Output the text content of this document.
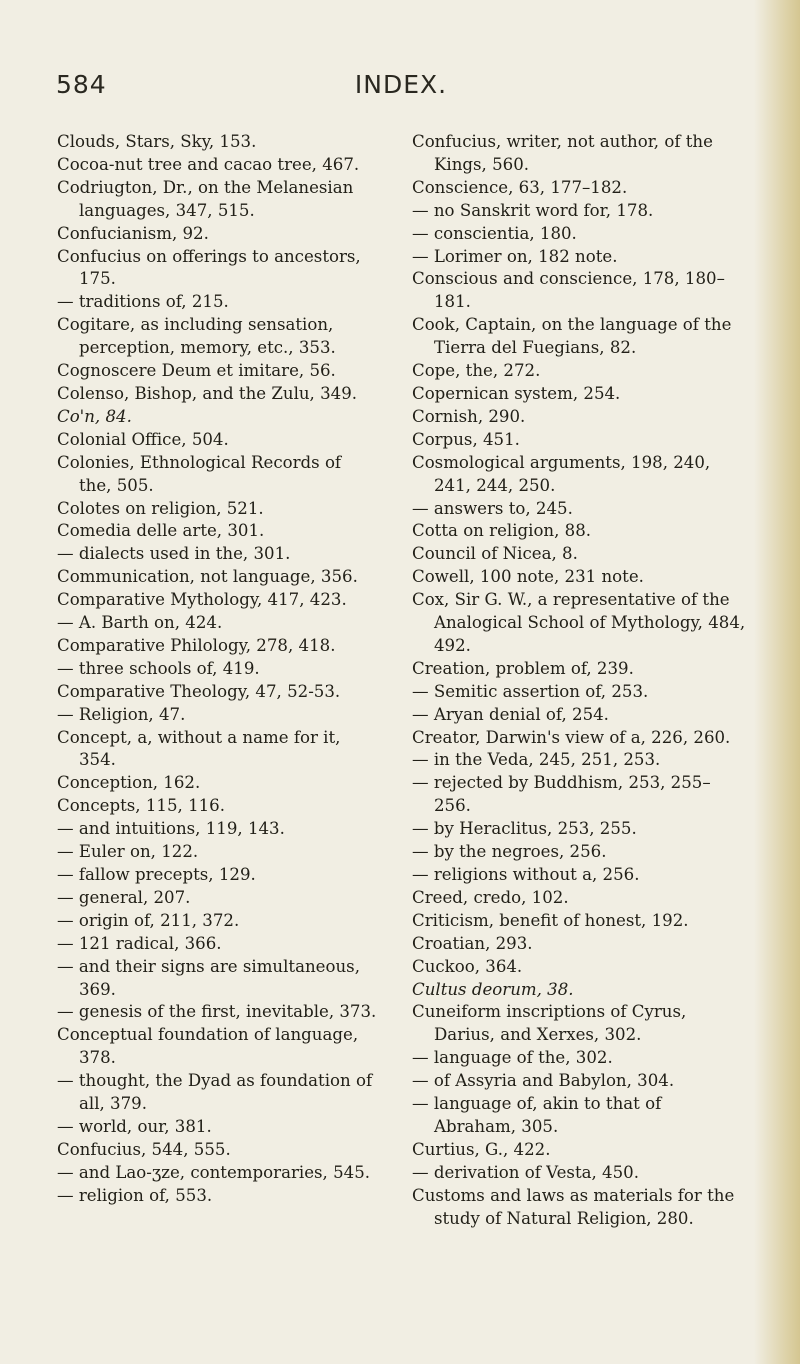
584	INDEX.
Clouds, Stars, Sky, 153.
Cocoa-nut tree and cacao tree, 467.
Codriugton, Dr., on the Melanesian languages, 347, 515.
Confucianism, 92.
Confucius on offerings to ancestors, 175.
— traditions of, 215.
Cogitare, as including sensation, perception, memory, etc., 353.
Cognoscere Deum et imitare, 56.
Colenso, Bishop, and the Zulu, 349.
Co'n, 84.
Colonial Office, 504.
Colonies, Ethnological Records of the, 505.
Colotes on religion, 521.
Comedia delle arte, 301.
— dialects used in the, 301.
Communication, not language, 356.
Comparative Mythology, 417, 423.
— A. Barth on, 424.
Comparative Philology, 278, 418.
— three schools of, 419.
Comparative Theology, 47, 52-53.
— Religion, 47.
Concept, a, without a name for it, 354.
Conception, 162.
Concepts, 115, 116.
— and intuitions, 119, 143.
— Euler on, 122.
— fallow precepts, 129.
— general, 207.
— origin of, 211, 372.
— 121 radical, 366.
— and their signs are simultaneous, 369.
— genesis of the first, inevitable, 373.
Conceptual foundation of language, 378.
— thought, the Dyad as foundation of all, 379.
— world, our, 381.
Confucius, 544, 555.
— and Lao-ʒze, contemporaries, 545.
— religion of, 553.
Confucius, writer, not author, of the Kings, 560.
Conscience, 63, 177–182.
— no Sanskrit word for, 178.
— conscientia, 180.
— Lorimer on, 182 note.
Conscious and conscience, 178, 180–181.
Cook, Captain, on the language of the Tierra del Fuegians, 82.
Cope, the, 272.
Copernican system, 254.
Cornish, 290.
Corpus, 451.
Cosmological arguments, 198, 240, 241, 244, 250.
— answers to, 245.
Cotta on religion, 88.
Council of Nicea, 8.
Cowell, 100 note, 231 note.
Cox, Sir G. W., a representative of the Analogical School of Mythology, 484, 492.
Creation, problem of, 239.
— Semitic assertion of, 253.
— Aryan denial of, 254.
Creator, Darwin's view of a, 226, 260.
— in the Veda, 245, 251, 253.
— rejected by Buddhism, 253, 255–256.
— by Heraclitus, 253, 255.
— by the negroes, 256.
— religions without a, 256.
Creed, credo, 102.
Criticism, benefit of honest, 192.
Croatian, 293.
Cuckoo, 364.
Cultus deorum, 38.
Cuneiform inscriptions of Cyrus, Darius, and Xerxes, 302.
— language of the, 302.
— of Assyria and Babylon, 304.
— language of, akin to that of Abraham, 305.
Curtius, G., 422.
— derivation of Vesta, 450.
Customs and laws as materials for the study of Natural Religion, 280.
